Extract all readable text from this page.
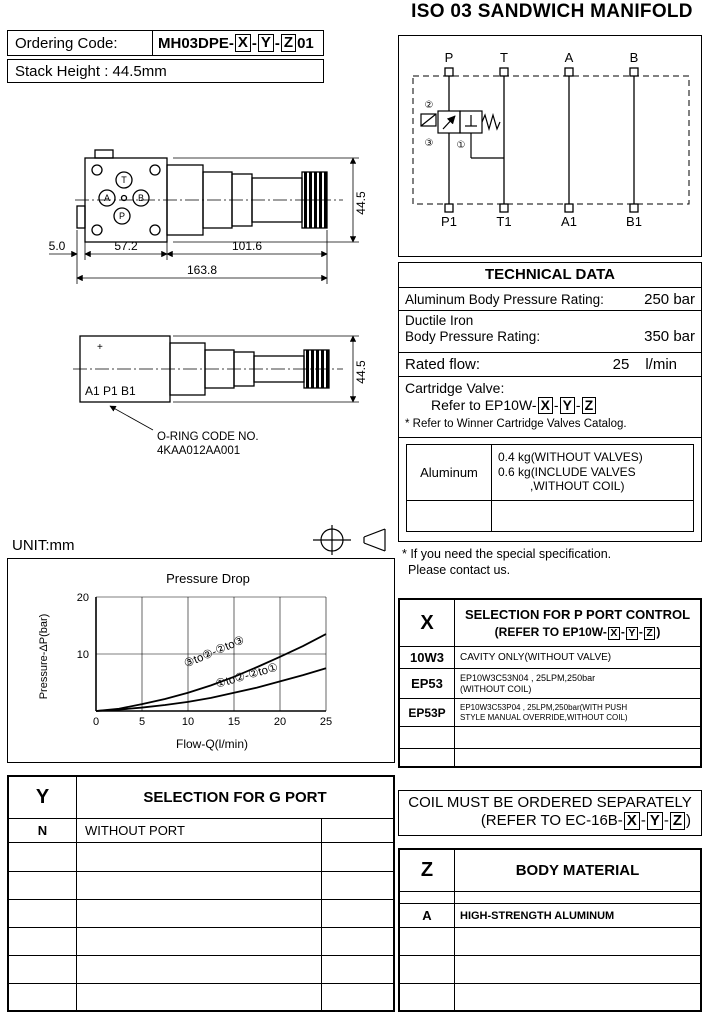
ISO 03 SANDWICH MANIFOLD
Ordering Code:	MH03DPE- X - Y - Z 01
Stack Height : 44.5mm
P	T	A	B
P1	T1	A1	B1
②
③ ①
T
A	B
P
5.0	57.2	101.6
163.8
44.5
+
A1 P1 B1
44.5
O-RING CODE NO.
4KAA012AA001
UNIT:mm
TECHNICAL DATA
Aluminum Body Pressure Rating:	250 bar
Ductile Iron
Body Pressure Rating:	350 bar
Rated flow:	25 l/min
Cartridge Valve:
Refer to EP10W- X - Y - Z
* Refer to Winner Cartridge Valves Catalog.
Aluminum
0.4 kg(WITHOUT VALVES)
0.6 kg(INCLUDE VALVES
,WITHOUT COIL)
* If you need the special specification.
Please contact us.
Pressure Drop
Pressure-ΔP(bar)
Flow-Q(l/min)
0	5	10	15	20	25
10
20
③to②-②to③
①to②-②to①
X	SELECTION FOR P PORT CONTROL
(REFER TO EP10W- X - Y - Z )
10W3	CAVITY ONLY(WITHOUT VALVE)
EP53	EP10W3C53N04 , 25LPM,250bar
(WITHOUT COIL)
EP53P	EP10W3C53P04 , 25LPM,250bar(WITH PUSH
STYLE MANUAL OVERRIDE,WITHOUT COIL)
COIL MUST BE ORDERED SEPARATELY
(REFER TO EC-16B- X - Y - Z )
Z	BODY MATERIAL
A	HIGH-STRENGTH ALUMINUM
Y	SELECTION FOR G PORT
N	WITHOUT PORT
